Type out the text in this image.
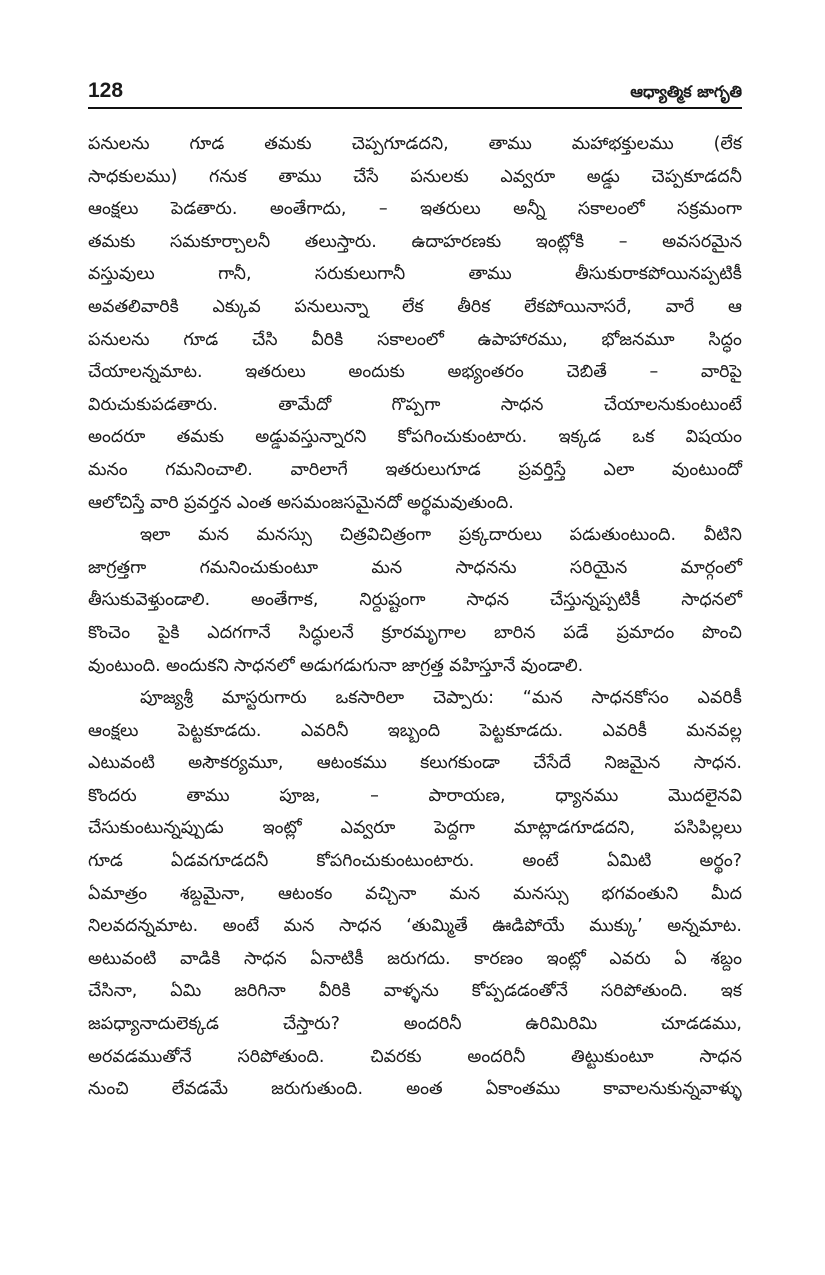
128	ఆధ్యాత్మిక జాగృతి
పనులను గూడ తమకు చెప్పగూడదని, తాము మహాభక్తులము (లేక
సాధకులము) గనుక తాము చేసే పనులకు ఎవ్వరూ అడ్డు చెప్పకూడదనీ
ఆంక్షలు పెడతారు. అంతేగాదు, – ఇతరులు అన్నీ సకాలంలో సక్రమంగా
తమకు సమకూర్చాలనీ తలుస్తారు. ఉదాహరణకు ఇంట్లోకి – అవసరమైన
వస్తువులు	గానీ,	సరుకులుగానీ	తాము	తీసుకురాకపోయినప్పటికీ
అవతలివారికి ఎక్కువ పనులున్నా లేక తీరిక లేకపోయినాసరే, వారే ఆ
పనులను గూడ చేసి వీరికి సకాలంలో ఉపాహారము, భోజనమూ సిద్ధం
చేయాలన్నమాట. ఇతరులు అందుకు అభ్యంతరం చెబితే – వారిపై
విరుచుకుపడతారు.	తామేదో	గొప్పగా	సాధన	చేయాలనుకుంటుంటే
అందరూ తమకు అడ్డువస్తున్నారని కోపగించుకుంటారు. ఇక్కడ ఒక విషయం
మనం గమనించాలి. వారిలాగే ఇతరులుగూడ ప్రవర్తిస్తే ఎలా వుంటుందో
ఆలోచిస్తే వారి ప్రవర్తన ఎంత అసమంజసమైనదో అర్థమవుతుంది.
ఇలా మన మనస్సు చిత్రవిచిత్రంగా ప్రక్కదారులు పడుతుంటుంది. వీటిని
జాగ్రత్తగా	గమనించుకుంటూ	మన	సాధనను	సరియైన	మార్గంలో
తీసుకువెళ్తుండాలి. అంతేగాక, నిర్దుష్టంగా సాధన చేస్తున్నప్పటికీ సాధనలో
కొంచెం పైకి ఎదగగానే సిద్ధులనే క్రూరమృగాల బారిన పడే ప్రమాదం పొంచి
వుంటుంది. అందుకని సాధనలో అడుగడుగునా జాగ్రత్త వహిస్తూనే వుండాలి.
పూజ్యశ్రీ మాస్టరుగారు ఒకసారిలా చెప్పారు: “మన సాధనకోసం ఎవరికీ
ఆంక్షలు పెట్టకూడదు. ఎవరినీ ఇబ్బంది పెట్టకూడదు. ఎవరికీ మనవల్ల
ఎటువంటి అసౌకర్యమూ, ఆటంకము కలుగకుండా చేసేదే నిజమైన సాధన.
కొందరు	తాము	పూజ,	–	పారాయణ,	ధ్యానము	మొదలైనవి
చేసుకుంటున్నప్పుడు ఇంట్లో ఎవ్వరూ పెద్దగా మాట్లాడగూడదని, పసిపిల్లలు
గూడ	ఏడవగూడదనీ	కోపగించుకుంటుంటారు.	అంటే	ఏమిటి	అర్థం?
ఏమాత్రం శబ్దమైనా, ఆటంకం వచ్చినా మన మనస్సు భగవంతుని మీద
నిలవదన్నమాట. అంటే మన సాధన ‘తుమ్మితే ఊడిపోయే ముక్కు’ అన్నమాట.
అటువంటి వాడికి సాధన ఏనాటికీ జరుగదు. కారణం ఇంట్లో ఎవరు ఏ శబ్దం
చేసినా, ఏమి జరిగినా వీరికి వాళ్ళను కోప్పడడంతోనే సరిపోతుంది. ఇక
జపధ్యానాదులెక్కడ	చేస్తారు?	అందరినీ	ఉరిమిరిమి	చూడడము,
అరవడముతోనే	సరిపోతుంది.	చివరకు	అందరినీ	తిట్టుకుంటూ	సాధన
నుంచి లేవడమే జరుగుతుంది. అంత ఏకాంతము కావాలనుకున్నవాళ్ళు
